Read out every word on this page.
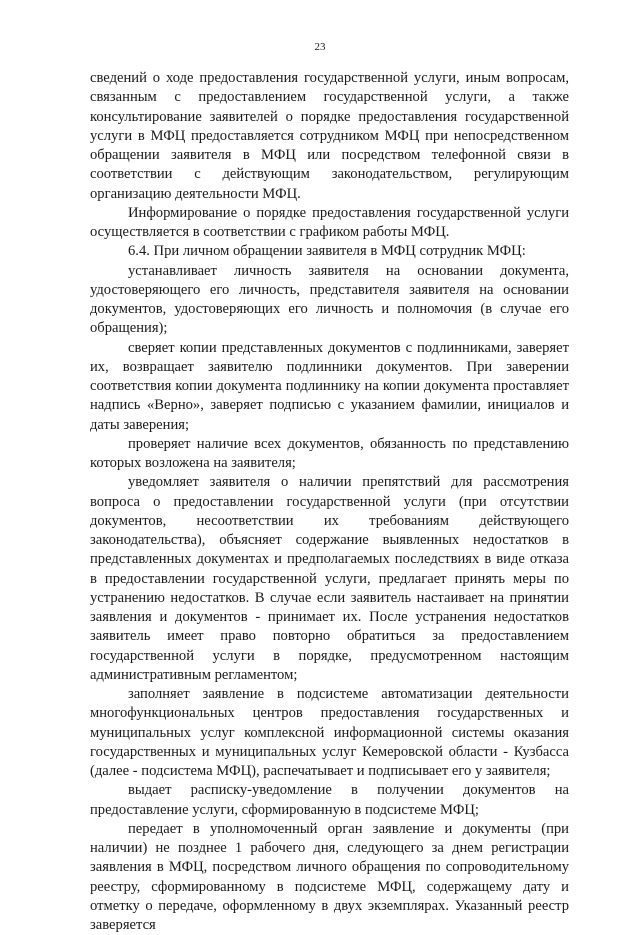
23

сведений о ходе предоставления государственной услуги, иным вопросам, связанным с предоставлением государственной услуги, а также консультирование заявителей о порядке предоставления государственной услуги в МФЦ предоставляется сотрудником МФЦ при непосредственном обращении заявителя в МФЦ или посредством телефонной связи в соответствии с действующим законодательством, регулирующим организацию деятельности МФЦ.

Информирование о порядке предоставления государственной услуги осуществляется в соответствии с графиком работы МФЦ.

6.4. При личном обращении заявителя в МФЦ сотрудник МФЦ:

устанавливает личность заявителя на основании документа, удостоверяющего его личность, представителя заявителя на основании документов, удостоверяющих его личность и полномочия (в случае его обращения);

сверяет копии представленных документов с подлинниками, заверяет их, возвращает заявителю подлинники документов. При заверении соответствия копии документа подлиннику на копии документа проставляет надпись «Верно», заверяет подписью с указанием фамилии, инициалов и даты заверения;

проверяет наличие всех документов, обязанность по представлению которых возложена на заявителя;

уведомляет заявителя о наличии препятствий для рассмотрения вопроса о предоставлении государственной услуги (при отсутствии документов, несоответствии их требованиям действующего законодательства), объясняет содержание выявленных недостатков в представленных документах и предполагаемых последствиях в виде отказа в предоставлении государственной услуги, предлагает принять меры по устранению недостатков. В случае если заявитель настаивает на принятии заявления и документов - принимает их. После устранения недостатков заявитель имеет право повторно обратиться за предоставлением государственной услуги в порядке, предусмотренном настоящим административным регламентом;

заполняет заявление в подсистеме автоматизации деятельности многофункциональных центров предоставления государственных и муниципальных услуг комплексной информационной системы оказания государственных и муниципальных услуг Кемеровской области - Кузбасса (далее - подсистема МФЦ), распечатывает и подписывает его у заявителя;

выдает расписку-уведомление в получении документов на предоставление услуги, сформированную в подсистеме МФЦ;

передает в уполномоченный орган заявление и документы (при наличии) не позднее 1 рабочего дня, следующего за днем регистрации заявления в МФЦ, посредством личного обращения по сопроводительному реестру, сформированному в подсистеме МФЦ, содержащему дату и отметку о передаче, оформленному в двух экземплярах. Указанный реестр заверяется
